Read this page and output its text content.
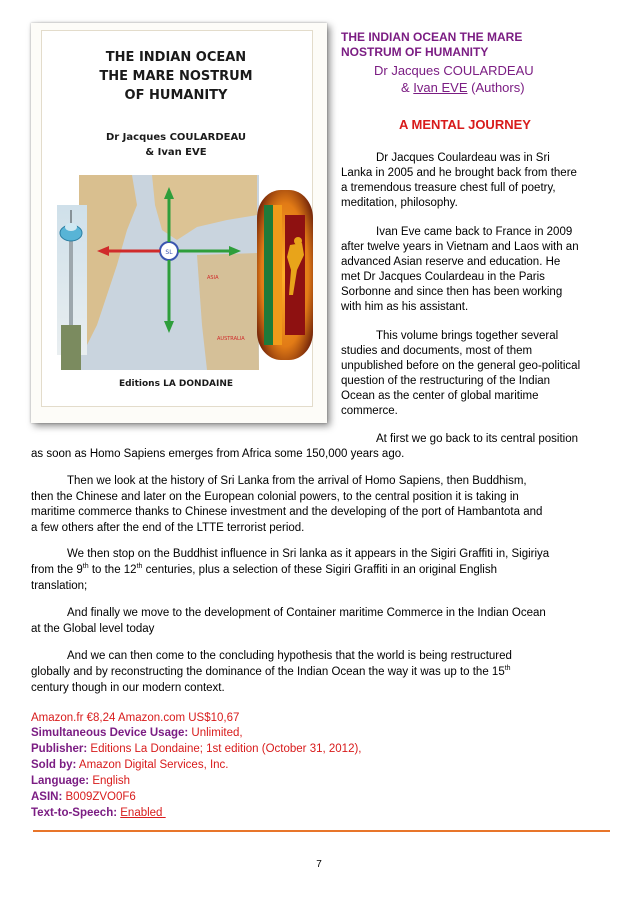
THE INDIAN OCEAN
THE MARE NOSTRUM
OF HUMANITY
Dr Jacques COULARDEAU
& Ivan EVE
SL
ASIA
AUSTRALIA
Editions LA DONDAINE
THE INDIAN OCEAN THE MARE
NOSTRUM OF HUMANITY
Dr Jacques COULARDEAU
& Ivan EVE (Authors)
A MENTAL JOURNEY
Dr Jacques Coulardeau was in Sri
Lanka in 2005 and he brought back from there
a tremendous treasure chest full of poetry,
meditation, philosophy.
Ivan Eve came back to France in 2009
after twelve years in Vietnam and Laos with an
advanced Asian reserve and education. He
met Dr Jacques Coulardeau in the Paris
Sorbonne and since then has been working
with him as his assistant.
This volume brings together several
studies and documents, most of them
unpublished before on the general geo-political
question of the restructuring of the Indian
Ocean as the center of global maritime
commerce.
At first we go back to its central position
as soon as Homo Sapiens emerges from Africa some 150,000 years ago.
Then we look at the history of Sri Lanka from the arrival of Homo Sapiens, then Buddhism,
then the Chinese and later on the European colonial powers, to the central position it is taking in
maritime commerce thanks to Chinese investment and the developing of the port of Hambantota and
a few others after the end of the LTTE terrorist period.
We then stop on the Buddhist influence in Sri lanka as it appears in the Sigiri Graffiti in, Sigiriya
from the 9th to the 12th centuries, plus a selection of these Sigiri Graffiti in an original English
translation;
And finally we move to the development of Container maritime Commerce in the Indian Ocean
at the Global level today
And we can then come to the concluding hypothesis that the world is being restructured
globally and by reconstructing the dominance of the Indian Ocean the way it was up to the 15th
century though in our modern context.
Amazon.fr €8,24 Amazon.com US$10,67
Simultaneous Device Usage: Unlimited,
Publisher: Editions La Dondaine; 1st edition (October 31, 2012),
Sold by: Amazon Digital Services, Inc.
Language: English
ASIN: B009ZVO0F6
Text-to-Speech: Enabled
7
